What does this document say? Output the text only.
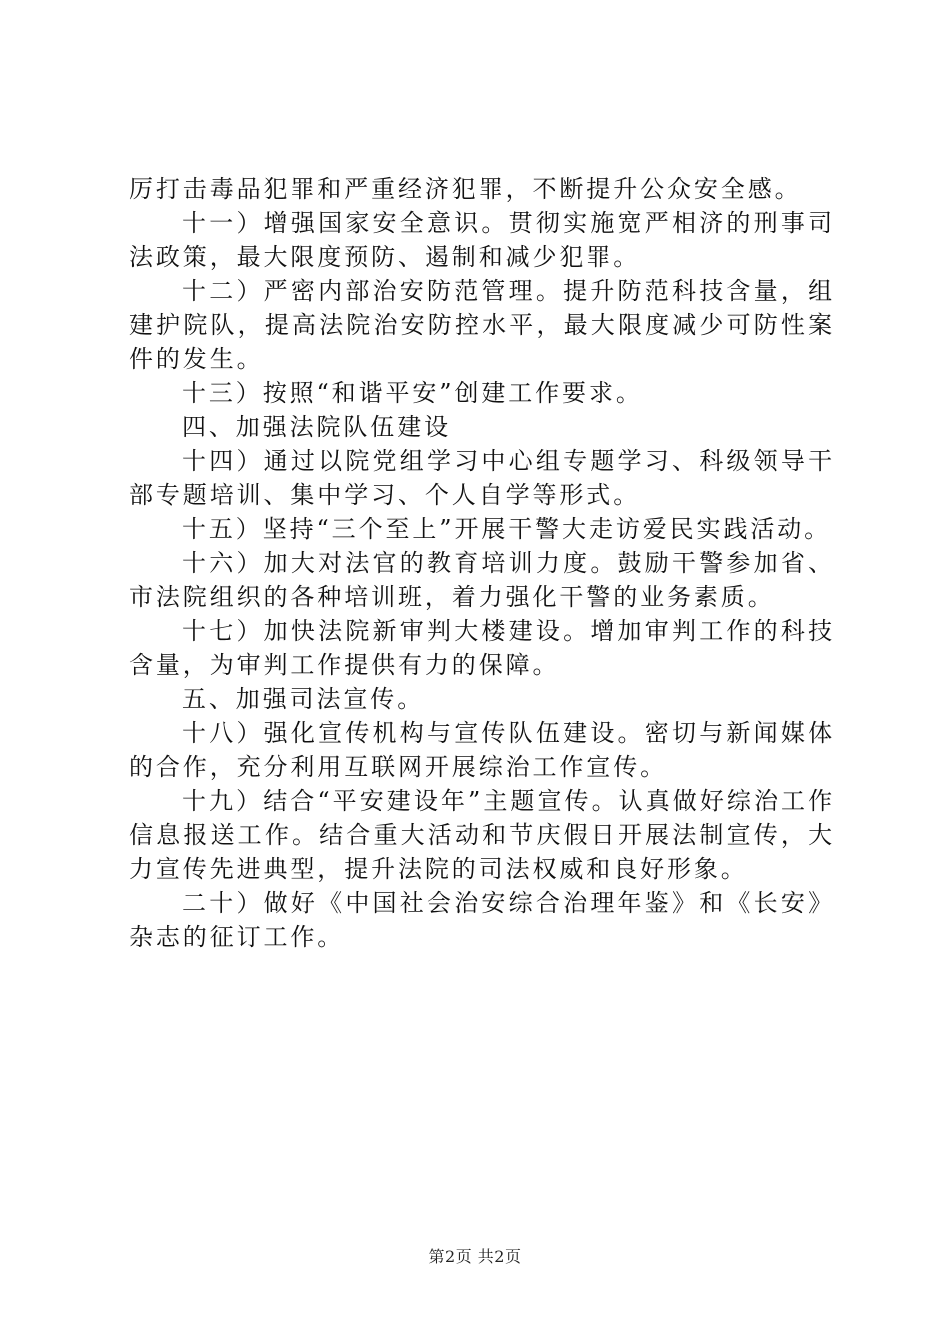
厉打击毒品犯罪和严重经济犯罪，不断提升公众安全感。

十一）增强国家安全意识。贯彻实施宽严相济的刑事司法政策，最大限度预防、遏制和减少犯罪。

十二）严密内部治安防范管理。提升防范科技含量，组建护院队，提高法院治安防控水平，最大限度减少可防性案件的发生。

十三）按照“和谐平安”创建工作要求。

四、加强法院队伍建设

十四）通过以院党组学习中心组专题学习、科级领导干部专题培训、集中学习、个人自学等形式。

十五）坚持“三个至上”开展干警大走访爱民实践活动。

十六）加大对法官的教育培训力度。鼓励干警参加省、市法院组织的各种培训班，着力强化干警的业务素质。

十七）加快法院新审判大楼建设。增加审判工作的科技含量，为审判工作提供有力的保障。

五、加强司法宣传。

十八）强化宣传机构与宣传队伍建设。密切与新闻媒体的合作，充分利用互联网开展综治工作宣传。

十九）结合“平安建设年”主题宣传。认真做好综治工作信息报送工作。结合重大活动和节庆假日开展法制宣传，大力宣传先进典型，提升法院的司法权威和良好形象。

二十）做好《中国社会治安综合治理年鉴》和《长安》杂志的征订工作。

第2页 共2页
